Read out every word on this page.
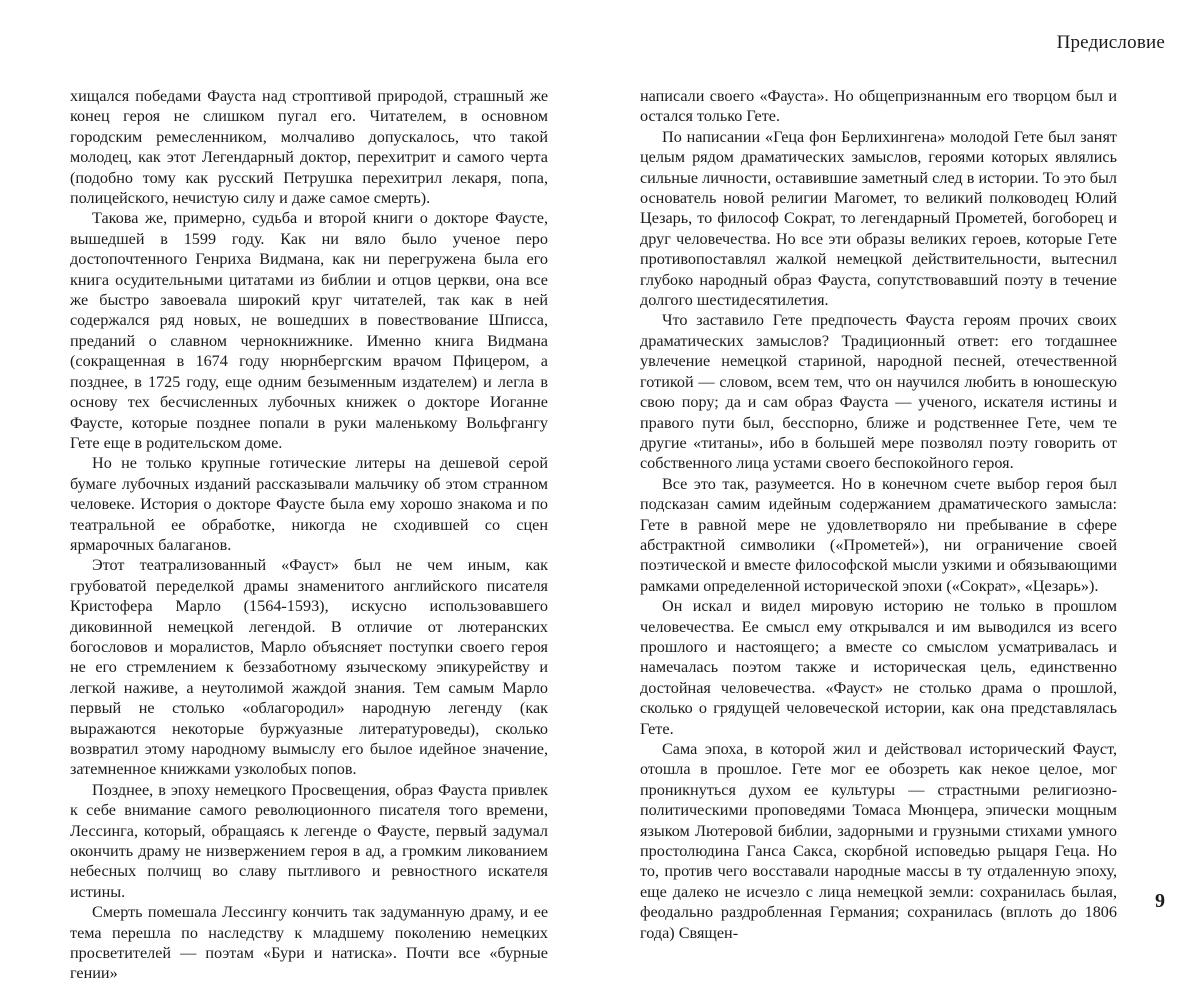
Предисловие

хищался победами Фауста над строптивой природой, страшный же конец героя не слишком пугал его. Читателем, в основном городским ремесленником, молчаливо допускалось, что такой молодец, как этот Легендарный доктор, перехитрит и самого черта (подобно тому как русский Петрушка перехитрил лекаря, попа, полицейского, нечистую силу и даже самое смерть).

Такова же, примерно, судьба и второй книги о докторе Фаусте, вышедшей в 1599 году. Как ни вяло было ученое перо достопочтенного Генриха Видмана, как ни перегружена была его книга осудительными цитатами из библии и отцов церкви, она все же быстро завоевала широкий круг читателей, так как в ней содержался ряд новых, не вошедших в повествование Шписса, преданий о славном чернокнижнике. Именно книга Видмана (сокращенная в 1674 году нюрнбергским врачом Пфицером, а позднее, в 1725 году, еще одним безыменным издателем) и легла в основу тех бесчисленных лубочных книжек о докторе Иоганне Фаусте, которые позднее попали в руки маленькому Вольфгангу Гете еще в родительском доме.

Но не только крупные готические литеры на дешевой серой бумаге лубочных изданий рассказывали мальчику об этом странном человеке. История о докторе Фаусте была ему хорошо знакома и по театральной ее обработке, никогда не сходившей со сцен ярмарочных балаганов.

Этот театрализованный «Фауст» был не чем иным, как грубоватой переделкой драмы знаменитого английского писателя Кристофера Марло (1564-1593), искусно использовавшего диковинной немецкой легендой. В отличие от лютеранских богословов и моралистов, Марло объясняет поступки своего героя не его стремлением к беззаботному языческому эпикурейству и легкой наживе, а неутолимой жаждой знания. Тем самым Марло первый не столько «облагородил» народную легенду (как выражаются некоторые буржуазные литературоведы), сколько возвратил этому народному вымыслу его былое идейное значение, затемненное книжками узколобых попов.

Позднее, в эпоху немецкого Просвещения, образ Фауста привлек к себе внимание самого революционного писателя того времени, Лессинга, который, обращаясь к легенде о Фаусте, первый задумал окончить драму не низвержением героя в ад, а громким ликованием небесных полчищ во славу пытливого и ревностного искателя истины.

Смерть помешала Лессингу кончить так задуманную драму, и ее тема перешла по наследству к младшему поколению немецких просветителей — поэтам «Бури и натиска». Почти все «бурные гении»

написали своего «Фауста». Но общепризнанным его творцом был и остался только Гете.

По написании «Геца фон Берлихингена» молодой Гете был занят целым рядом драматических замыслов, героями которых являлись сильные личности, оставившие заметный след в истории. То это был основатель новой религии Магомет, то великий полководец Юлий Цезарь, то философ Сократ, то легендарный Прометей, богоборец и друг человечества. Но все эти образы великих героев, которые Гете противопоставлял жалкой немецкой действительности, вытеснил глубоко народный образ Фауста, сопутствовавший поэту в течение долгого шестидесятилетия.

Что заставило Гете предпочесть Фауста героям прочих своих драматических замыслов? Традиционный ответ: его тогдашнее увлечение немецкой стариной, народной песней, отечественной готикой — словом, всем тем, что он научился любить в юношескую свою пору; да и сам образ Фауста — ученого, искателя истины и правого пути был, бесспорно, ближе и родственнее Гете, чем те другие «титаны», ибо в большей мере позволял поэту говорить от собственного лица устами своего беспокойного героя.

Все это так, разумеется. Но в конечном счете выбор героя был подсказан самим идейным содержанием драматического замысла: Гете в равной мере не удовлетворяло ни пребывание в сфере абстрактной символики («Прометей»), ни ограничение своей поэтической и вместе философской мысли узкими и обязывающими рамками определенной исторической эпохи («Сократ», «Цезарь»).

Он искал и видел мировую историю не только в прошлом человечества. Ее смысл ему открывался и им выводился из всего прошлого и настоящего; а вместе со смыслом усматривалась и намечалась поэтом также и историческая цель, единственно достойная человечества. «Фауст» не столько драма о прошлой, сколько о грядущей человеческой истории, как она представлялась Гете.

Сама эпоха, в которой жил и действовал исторический Фауст, отошла в прошлое. Гете мог ее обозреть как некое целое, мог проникнуться духом ее культуры — страстными религиозно-политическими проповедями Томаса Мюнцера, эпически мощным языком Лютеровой библии, задорными и грузными стихами умного простолюдина Ганса Сакса, скорбной исповедью рыцаря Геца. Но то, против чего восставали народные массы в ту отдаленную эпоху, еще далеко не исчезло с лица немецкой земли: сохранилась былая, феодально раздробленная Германия; сохранилась (вплоть до 1806 года) Священ-

9
